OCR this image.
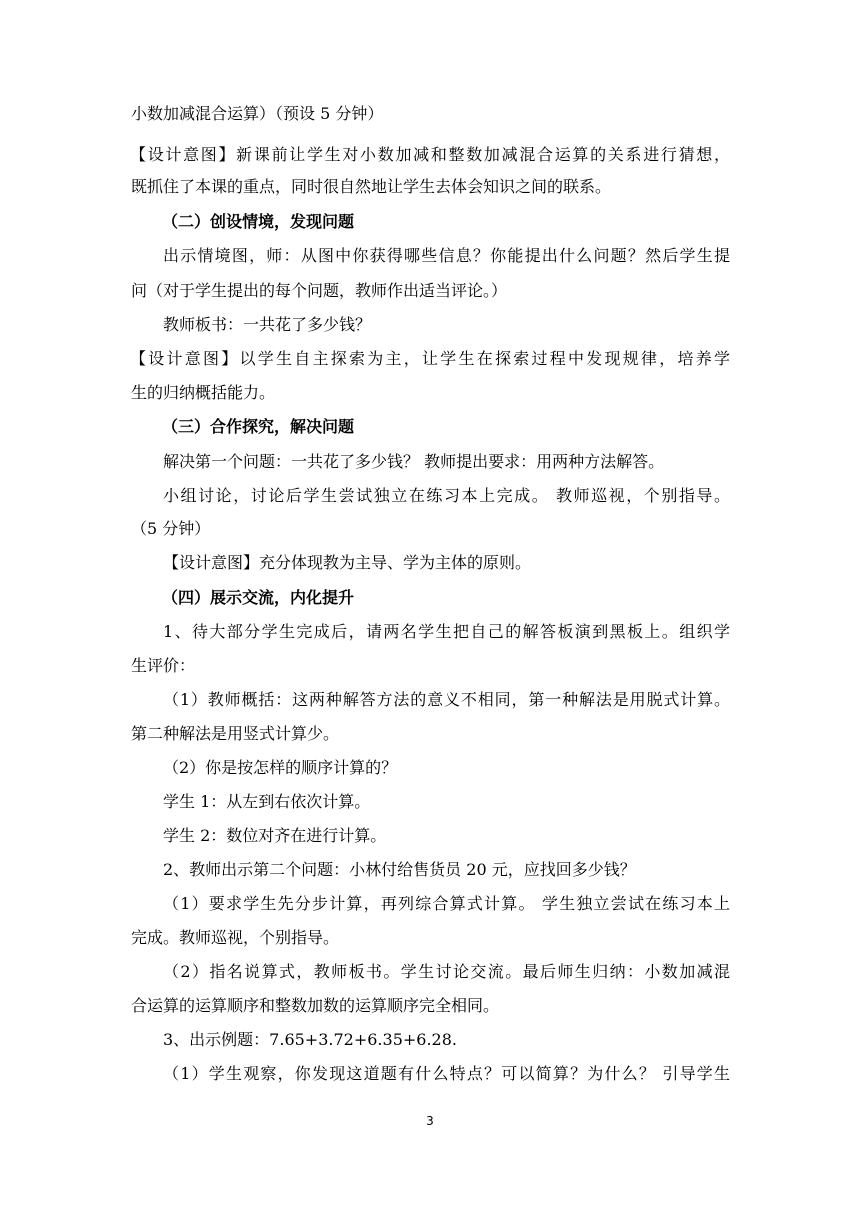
小数加减混合运算）（预设 5 分钟）
【设计意图】新课前让学生对小数加减和整数加减混合运算的关系进行猜想，
既抓住了本课的重点，同时很自然地让学生去体会知识之间的联系。
（二）创设情境，发现问题
出示情境图，师：从图中你获得哪些信息？你能提出什么问题？然后学生提
问（对于学生提出的每个问题，教师作出适当评论。）
教师板书：一共花了多少钱？
【设计意图】以学生自主探索为主，让学生在探索过程中发现规律，培养学
生的归纳概括能力。
（三）合作探究，解决问题
解决第一个问题：一共花了多少钱？ 教师提出要求：用两种方法解答。
小组讨论，讨论后学生尝试独立在练习本上完成。 教师巡视，个别指导。
（5 分钟）
【设计意图】充分体现教为主导、学为主体的原则。
（四）展示交流，内化提升
1、待大部分学生完成后，请两名学生把自己的解答板演到黑板上。组织学
生评价：
（1）教师概括：这两种解答方法的意义不相同，第一种解法是用脱式计算。
第二种解法是用竖式计算少。
（2）你是按怎样的顺序计算的？
学生 1：从左到右依次计算。
学生 2：数位对齐在进行计算。
2、教师出示第二个问题：小林付给售货员 20 元，应找回多少钱？
（1）要求学生先分步计算，再列综合算式计算。 学生独立尝试在练习本上
完成。教师巡视，个别指导。
（2）指名说算式，教师板书。学生讨论交流。最后师生归纳：小数加减混
合运算的运算顺序和整数加数的运算顺序完全相同。
3、出示例题：7.65+3.72+6.35+6.28.
（1）学生观察，你发现这道题有什么特点？可以简算？为什么？ 引导学生
3
